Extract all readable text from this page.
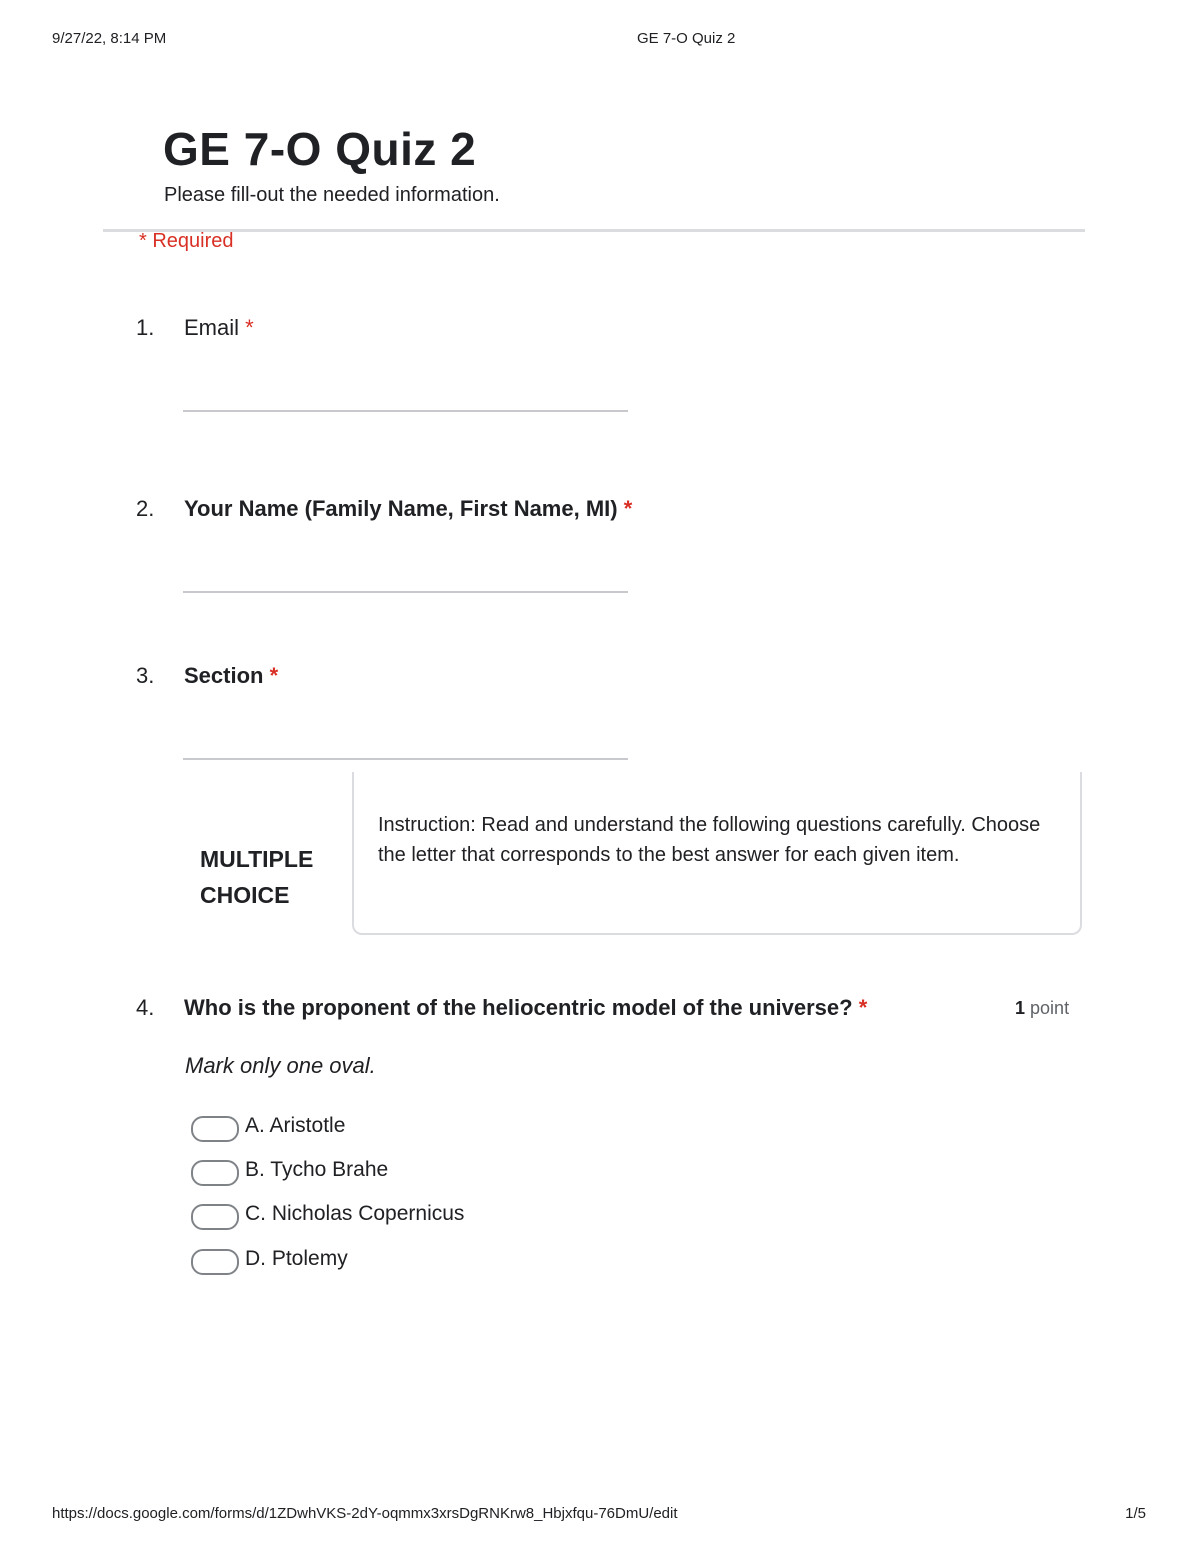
9/27/22, 8:14 PM	GE 7-O Quiz 2
GE 7-O Quiz 2
Please fill-out the needed information.
* Required
1. Email *
2. Your Name (Family Name, First Name, MI) *
3. Section *
MULTIPLE CHOICE
Instruction: Read and understand the following questions carefully. Choose the letter that corresponds to the best answer for each given item.
4. Who is the proponent of the heliocentric model of the universe? *	1 point
Mark only one oval.
A. Aristotle
B. Tycho Brahe
C. Nicholas Copernicus
D. Ptolemy
https://docs.google.com/forms/d/1ZDwhVKS-2dY-oqmmx3xrsDgRNKrw8_Hbjxfqu-76DmU/edit	1/5
